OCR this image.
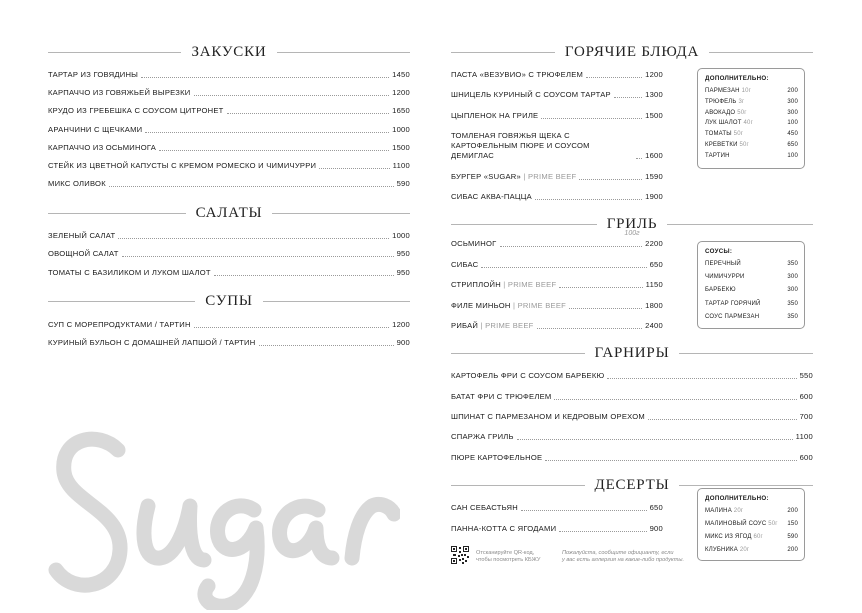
ЗАКУСКИ
ТАРТАР ИЗ ГОВЯДИНЫ	1450
КАРПАЧЧО ИЗ ГОВЯЖЬЕЙ ВЫРЕЗКИ	1200
КРУДО ИЗ ГРЕБЕШКА С СОУСОМ ЦИТРОНЕТ	1650
АРАНЧИНИ С ЩЕЧКАМИ	1000
КАРПАЧЧО ИЗ ОСЬМИНОГА	1500
СТЕЙК ИЗ ЦВЕТНОЙ КАПУСТЫ С КРЕМОМ РОМЕСКО И ЧИМИЧУРРИ	1100
МИКС ОЛИВОК	590
САЛАТЫ
ЗЕЛЕНЫЙ САЛАТ	1000
ОВОЩНОЙ САЛАТ	950
ТОМАТЫ С БАЗИЛИКОМ И ЛУКОМ ШАЛОТ	950
СУПЫ
СУП С МОРЕПРОДУКТАМИ / ТАРТИН	1200
КУРИНЫЙ БУЛЬОН С ДОМАШНЕЙ ЛАПШОЙ / ТАРТИН	900
ГОРЯЧИЕ БЛЮДА
ПАСТА «ВЕЗУВИО» С ТРЮФЕЛЕМ	1200
ШНИЦЕЛЬ КУРИНЫЙ С СОУСОМ ТАРТАР	1300
ЦЫПЛЕНОК НА ГРИЛЕ	1500
ТОМЛЕНАЯ ГОВЯЖЬЯ ЩЕКА С КАРТОФЕЛЬНЫМ ПЮРЕ И СОУСОМ ДЕМИГЛАС	1600
БУРГЕР «SUGAR» | PRIME BEEF	1590
СИБАС АКВА-ПАЦЦА	1900
ГРИЛЬ
100г
ОСЬМИНОГ	2200
СИБАС	650
СТРИПЛОЙН | PRIME BEEF	1150
ФИЛЕ МИНЬОН | PRIME BEEF	1800
РИБАЙ | PRIME BEEF	2400
ГАРНИРЫ
КАРТОФЕЛЬ ФРИ С СОУСОМ БАРБЕКЮ	550
БАТАТ ФРИ С ТРЮФЕЛЕМ	600
ШПИНАТ С ПАРМЕЗАНОМ И КЕДРОВЫМ ОРЕХОМ	700
СПАРЖА ГРИЛЬ	1100
ПЮРЕ КАРТОФЕЛЬНОЕ	600
ДЕСЕРТЫ
САН СЕБАСТЬЯН	650
ПАННА-КОТТА С ЯГОДАМИ	900
ДОПОЛНИТЕЛЬНО:
ПАРМЕЗАН 10г	200
ТРЮФЕЛЬ 3г	300
АВОКАДО 50г	300
ЛУК ШАЛОТ 40г	100
ТОМАТЫ 50г	450
КРЕВЕТКИ 50г	650
ТАРТИН	100
СОУСЫ:
ПЕРЕЧНЫЙ	350
ЧИМИЧУРРИ	300
БАРБЕКЮ	300
ТАРТАР ГОРЯЧИЙ	350
СОУС ПАРМЕЗАН	350
ДОПОЛНИТЕЛЬНО:
МАЛИНА 20г	200
МАЛИНОВЫЙ СОУС 50г 150
МИКС ИЗ ЯГОД 60г	590
КЛУБНИКА 20г	200
Отсканируйте QR-код,
чтобы посмотреть КБЖУ
Пожалуйста, сообщите официанту, если
у вас есть аллергия на какие-либо продукты.
